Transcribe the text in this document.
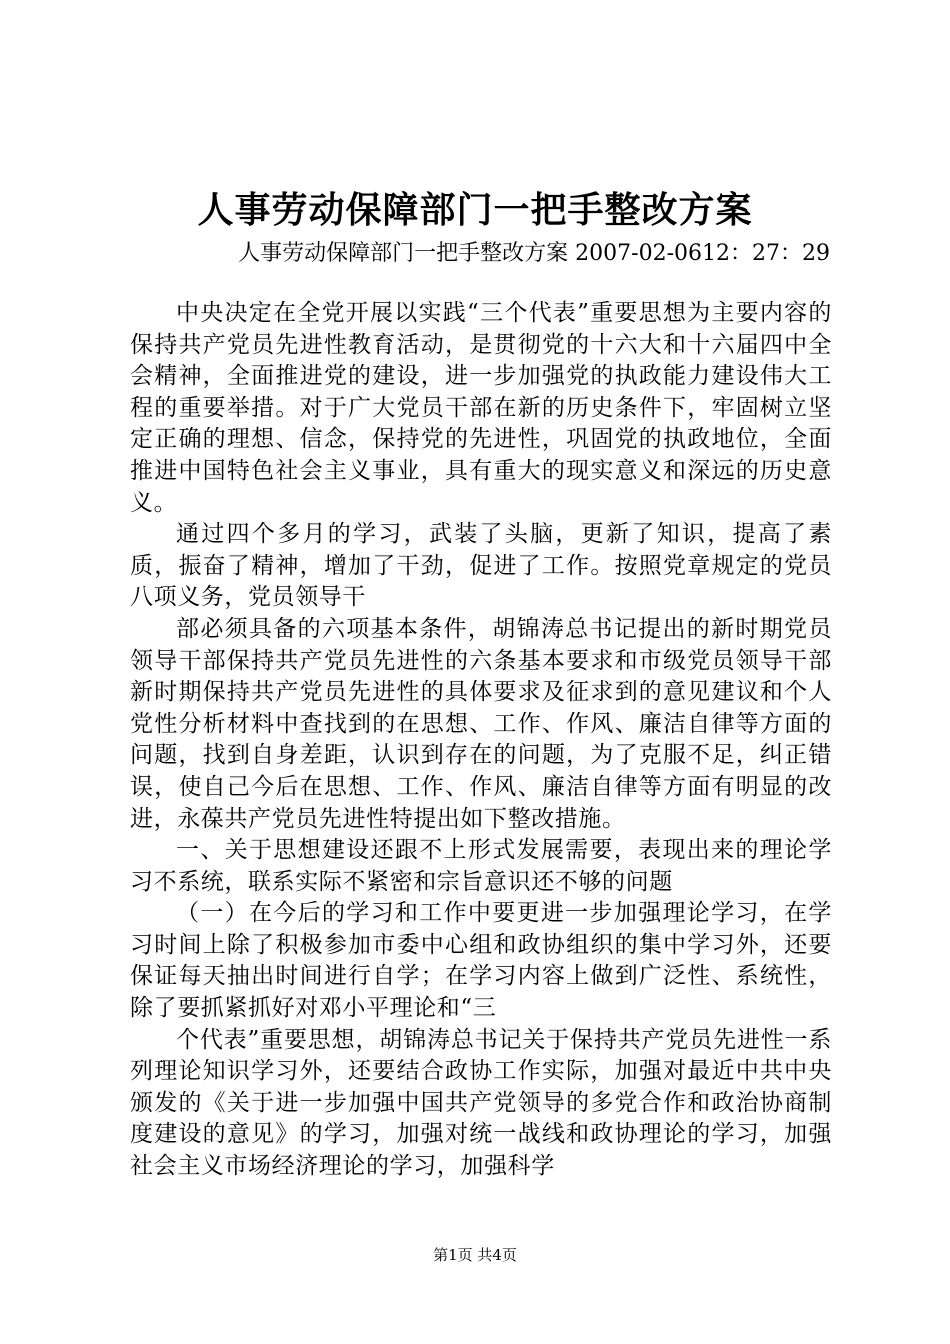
人事劳动保障部门一把手整改方案
人事劳动保障部门一把手整改方案 2007-02-0612：27：29

中央决定在全党开展以实践“三个代表”重要思想为主要内容的保持共产党员先进性教育活动，是贯彻党的十六大和十六届四中全会精神，全面推进党的建设，进一步加强党的执政能力建设伟大工程的重要举措。对于广大党员干部在新的历史条件下，牢固树立坚定正确的理想、信念，保持党的先进性，巩固党的执政地位，全面推进中国特色社会主义事业，具有重大的现实意义和深远的历史意义。

通过四个多月的学习，武装了头脑，更新了知识，提高了素质，振奋了精神，增加了干劲，促进了工作。按照党章规定的党员八项义务，党员领导干

部必须具备的六项基本条件，胡锦涛总书记提出的新时期党员领导干部保持共产党员先进性的六条基本要求和市级党员领导干部新时期保持共产党员先进性的具体要求及征求到的意见建议和个人党性分析材料中查找到的在思想、工作、作风、廉洁自律等方面的问题，找到自身差距，认识到存在的问题，为了克服不足，纠正错误，使自己今后在思想、工作、作风、廉洁自律等方面有明显的改进，永葆共产党员先进性特提出如下整改措施。

一、关于思想建设还跟不上形式发展需要，表现出来的理论学习不系统，联系实际不紧密和宗旨意识还不够的问题

（一）在今后的学习和工作中要更进一步加强理论学习，在学习时间上除了积极参加市委中心组和政协组织的集中学习外，还要保证每天抽出时间进行自学；在学习内容上做到广泛性、系统性，除了要抓紧抓好对邓小平理论和“三

个代表”重要思想，胡锦涛总书记关于保持共产党员先进性一系列理论知识学习外，还要结合政协工作实际，加强对最近中共中央颁发的《关于进一步加强中国共产党领导的多党合作和政治协商制度建设的意见》的学习，加强对统一战线和政协理论的学习，加强社会主义市场经济理论的学习，加强科学

第1页 共4页
